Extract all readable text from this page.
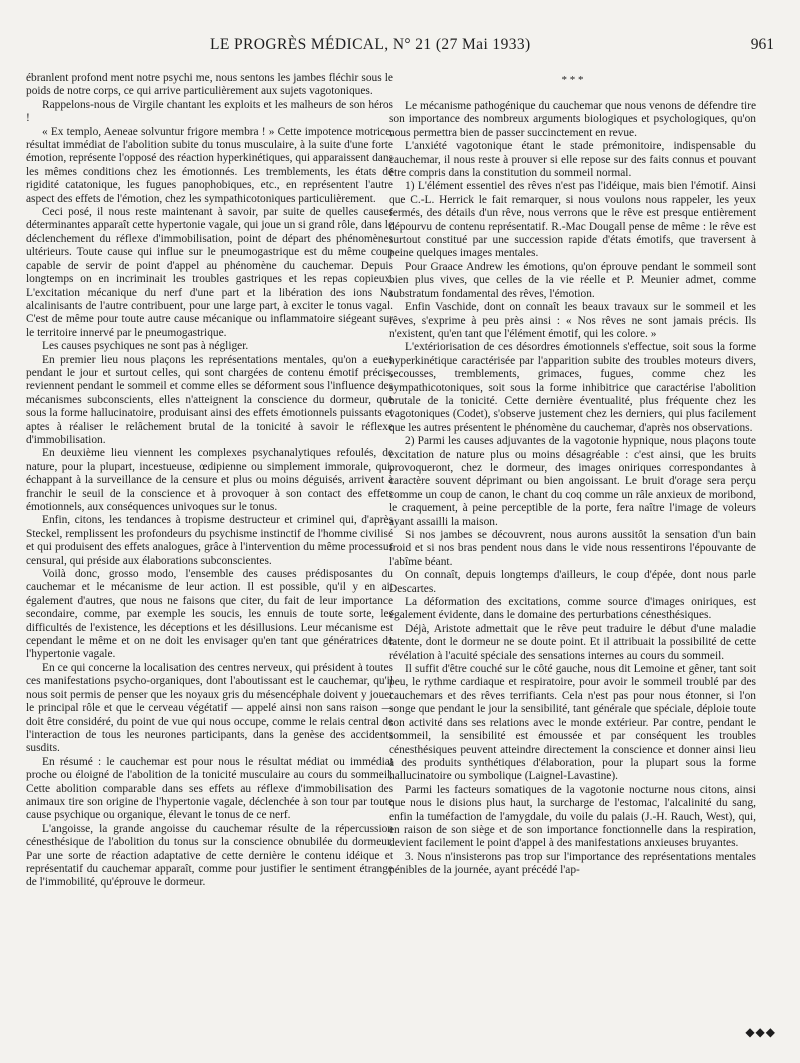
LE PROGRÈS MÉDICAL, N° 21 (27 Mai 1933)	961

ébranlent profond ment notre psychi me, nous sentons les jambes fléchir sous le poids de notre corps, ce qui arrive particulièrement aux sujets vagotoniques.

Rappelons-nous de Virgile chantant les exploits et les malheurs de son héros !

« Ex templo, Aeneae solvuntur frigore membra ! » Cette impotence motrice, résultat immédiat de l'abolition subite du tonus musculaire, à la suite d'une forte émotion, représente l'opposé des réaction hyperkinétiques, qui apparaissent dans les mêmes conditions chez les émotionnés. Les tremblements, les états de rigidité catatonique, les fugues panophobiques, etc., en représentent l'autre aspect des effets de l'émotion, chez les sympathicotoniques particulièrement.

Ceci posé, il nous reste maintenant à savoir, par suite de quelles causes déterminantes apparaît cette hypertonie vagale, qui joue un si grand rôle, dans le déclenchement du réflexe d'immobilisation, point de départ des phénomènes ultérieurs. Toute cause qui influe sur le pneumogastrique est du même coup capable de servir de point d'appel au phénomène du cauchemar. Depuis longtemps on en incriminait les troubles gastriques et les repas copieux. L'excitation mécanique du nerf d'une part et la libération des ions Na alcalinisants de l'autre contribuent, pour une large part, à exciter le tonus vagal. C'est de même pour toute autre cause mécanique ou inflammatoire siégeant sur le territoire innervé par le pneumogastrique.

Les causes psychiques ne sont pas à négliger.

En premier lieu nous plaçons les représentations mentales, qu'on a eues pendant le jour et surtout celles, qui sont chargées de contenu émotif précis, reviennent pendant le sommeil et comme elles se déforment sous l'influence des mécanismes subconscients, elles n'atteignent la conscience du dormeur, que sous la forme hallucinatoire, produisant ainsi des effets émotionnels puissants et aptes à réaliser le relâchement brutal de la tonicité à savoir le réflexe d'immobilisation.

En deuxième lieu viennent les complexes psychanalytiques refoulés, de nature, pour la plupart, incestueuse, œdipienne ou simplement immorale, qui, échappant à la surveillance de la censure et plus ou moins déguisés, arrivent à franchir le seuil de la conscience et à provoquer à son contact des effets émotionnels, aux conséquences univoques sur le tonus.

Enfin, citons, les tendances à tropisme destructeur et criminel qui, d'après Steckel, remplissent les profondeurs du psychisme instinctif de l'homme civilisé et qui produisent des effets analogues, grâce à l'intervention du même processus censural, qui préside aux élaborations subconscientes.

Voilà donc, grosso modo, l'ensemble des causes prédisposantes du cauchemar et le mécanisme de leur action. Il est possible, qu'il y en ait également d'autres, que nous ne faisons que citer, du fait de leur importance secondaire, comme, par exemple les soucis, les ennuis de toute sorte, les difficultés de l'existence, les déceptions et les désillusions. Leur mécanisme est cependant le même et on ne doit les envisager qu'en tant que génératrices de l'hypertonie vagale.

En ce qui concerne la localisation des centres nerveux, qui président à toutes ces manifestations psycho-organiques, dont l'aboutissant est le cauchemar, qu'il nous soit permis de penser que les noyaux gris du mésencéphale doivent y jouer le principal rôle et que le cerveau végétatif — appelé ainsi non sans raison — doit être considéré, du point de vue qui nous occupe, comme le relais central de l'interaction de tous les neurones participants, dans la genèse des accidents susdits.

En résumé : le cauchemar est pour nous le résultat médiat ou immédiat proche ou éloigné de l'abolition de la tonicité musculaire au cours du sommeil. Cette abolition comparable dans ses effets au réflexe d'immobilisation des animaux tire son origine de l'hypertonie vagale, déclenchée à son tour par toute cause psychique ou organique, élevant le tonus de ce nerf.

L'angoisse, la grande angoisse du cauchemar résulte de la répercussion cénesthésique de l'abolition du tonus sur la conscience obnubilée du dormeur. Par une sorte de réaction adaptative de cette dernière le contenu idéique et représentatif du cauchemar apparaît, comme pour justifier le sentiment étrange de l'immobilité, qu'éprouve le dormeur.

* * *

Le mécanisme pathogénique du cauchemar que nous venons de défendre tire son importance des nombreux arguments biologiques et psychologiques, qu'on nous permettra bien de passer succinctement en revue.

L'anxiété vagotonique étant le stade prémonitoire, indispensable du cauchemar, il nous reste à prouver si elle repose sur des faits connus et pouvant être compris dans la constitution du sommeil normal.

1) L'élément essentiel des rêves n'est pas l'idéique, mais bien l'émotif. Ainsi que C.-L. Herrick le fait remarquer, si nous voulons nous rappeler, les yeux fermés, des détails d'un rêve, nous verrons que le rêve est presque entièrement dépourvu de contenu représentatif. R.-Mac Dougall pense de même : le rêve est surtout constitué par une succession rapide d'états émotifs, que traversent à peine quelques images mentales.

Pour Graace Andrew les émotions, qu'on éprouve pendant le sommeil sont bien plus vives, que celles de la vie réelle et P. Meunier admet, comme substratum fondamental des rêves, l'émotion.

Enfin Vaschide, dont on connaît les beaux travaux sur le sommeil et les rêves, s'exprime à peu près ainsi : « Nos rêves ne sont jamais précis. Ils n'existent, qu'en tant que l'élément émotif, qui les colore. »

L'extériorisation de ces désordres émotionnels s'effectue, soit sous la forme hyperkinétique caractérisée par l'apparition subite des troubles moteurs divers, secousses, tremblements, grimaces, fugues, comme chez les sympathicotoniques, soit sous la forme inhibitrice que caractérise l'abolition brutale de la tonicité. Cette dernière éventualité, plus fréquente chez les vagotoniques (Codet), s'observe justement chez les derniers, qui plus facilement que les autres présentent le phénomène du cauchemar, d'après nos observations.

2) Parmi les causes adjuvantes de la vagotonie hypnique, nous plaçons toute excitation de nature plus ou moins désagréable : c'est ainsi, que les bruits provoqueront, chez le dormeur, des images oniriques correspondantes à caractère souvent déprimant ou bien angoissant. Le bruit d'orage sera perçu comme un coup de canon, le chant du coq comme un râle anxieux de moribond, le craquement, à peine perceptible de la porte, fera naître l'image de voleurs ayant assailli la maison.

Si nos jambes se découvrent, nous aurons aussitôt la sensation d'un bain froid et si nos bras pendent nous dans le vide nous ressentirons l'épouvante de l'abîme béant.

On connaît, depuis longtemps d'ailleurs, le coup d'épée, dont nous parle Descartes.

La déformation des excitations, comme source d'images oniriques, est également évidente, dans le domaine des perturbations cénesthésiques.

Déjà, Aristote admettait que le rêve peut traduire le début d'une maladie latente, dont le dormeur ne se doute point. Et il attribuait la possibilité de cette révélation à l'acuité spéciale des sensations internes au cours du sommeil.

Il suffit d'être couché sur le côté gauche, nous dit Lemoine et gêner, tant soit peu, le rythme cardiaque et respiratoire, pour avoir le sommeil troublé par des cauchemars et des rêves terrifiants. Cela n'est pas pour nous étonner, si l'on songe que pendant le jour la sensibilité, tant générale que spéciale, déploie toute son activité dans ses relations avec le monde extérieur. Par contre, pendant le sommeil, la sensibilité est émoussée et par conséquent les troubles cénesthésiques peuvent atteindre directement la conscience et donner ainsi lieu à des produits synthétiques d'élaboration, pour la plupart sous la forme hallucinatoire ou symbolique (Laignel-Lavastine).

Parmi les facteurs somatiques de la vagotonie nocturne nous citons, ainsi que nous le disions plus haut, la surcharge de l'estomac, l'alcalinité du sang, enfin la tuméfaction de l'amygdale, du voile du palais (J.-H. Rauch, West), qui, en raison de son siège et de son importance fonctionnelle dans la respiration, devient facilement le point d'appel à des manifestations anxieuses bruyantes.

3. Nous n'insisterons pas trop sur l'importance des représentations mentales pénibles de la journée, ayant précédé l'ap-

◆◆◆
